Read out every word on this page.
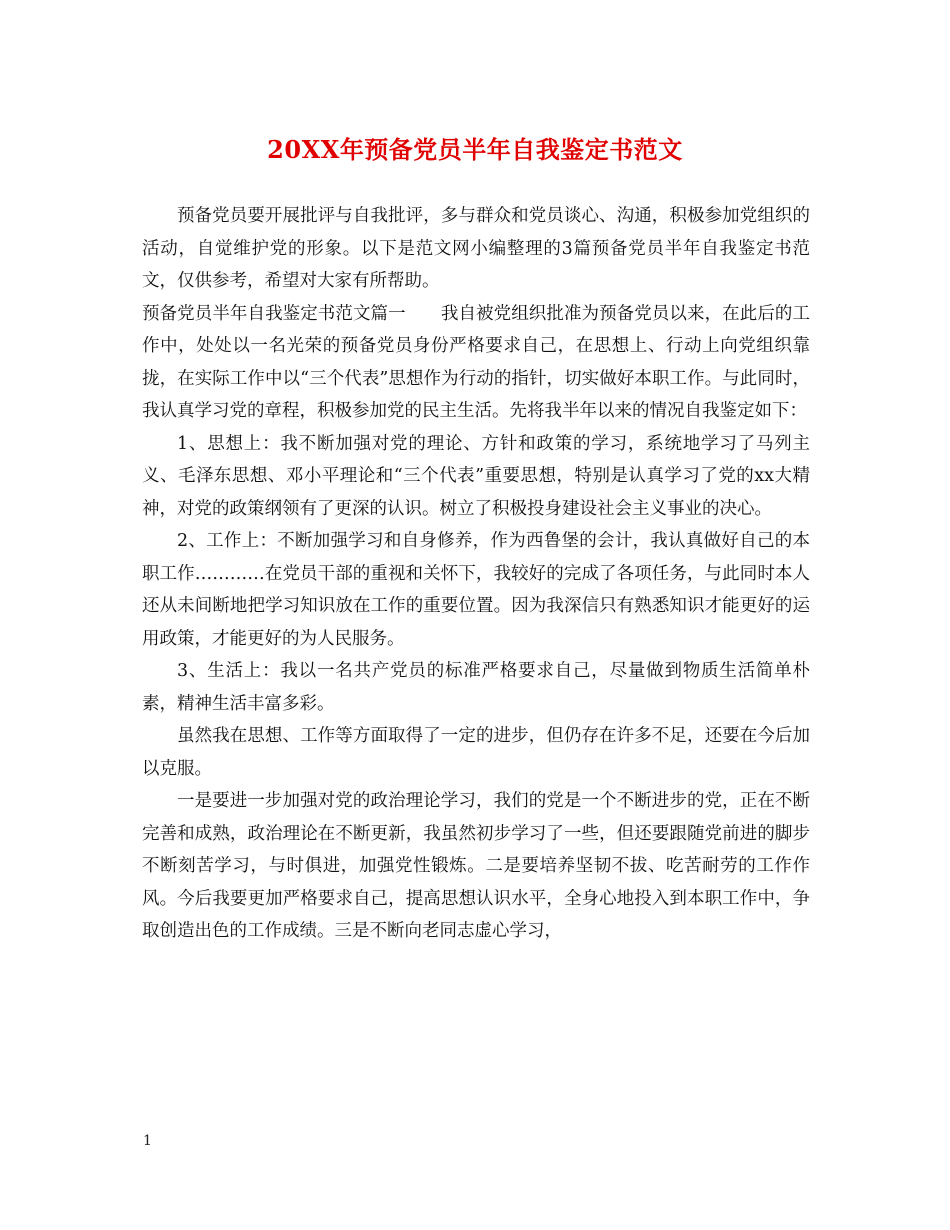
20XX年预备党员半年自我鉴定书范文

预备党员要开展批评与自我批评，多与群众和党员谈心、沟通，积极参加党组织的活动，自觉维护党的形象。以下是范文网小编整理的3篇预备党员半年自我鉴定书范文，仅供参考，希望对大家有所帮助。

预备党员半年自我鉴定书范文篇一　　我自被党组织批准为预备党员以来，在此后的工作中，处处以一名光荣的预备党员身份严格要求自己，在思想上、行动上向党组织靠拢，在实际工作中以“三个代表”思想作为行动的指针，切实做好本职工作。与此同时，我认真学习党的章程，积极参加党的民主生活。先将我半年以来的情况自我鉴定如下：

1、思想上：我不断加强对党的理论、方针和政策的学习，系统地学习了马列主义、毛泽东思想、邓小平理论和“三个代表”重要思想，特别是认真学习了党的xx大精神，对党的政策纲领有了更深的认识。树立了积极投身建设社会主义事业的决心。

2、工作上：不断加强学习和自身修养，作为西鲁堡的会计，我认真做好自己的本职工作…………在党员干部的重视和关怀下，我较好的完成了各项任务，与此同时本人还从未间断地把学习知识放在工作的重要位置。因为我深信只有熟悉知识才能更好的运用政策，才能更好的为人民服务。

3、生活上：我以一名共产党员的标准严格要求自己，尽量做到物质生活简单朴素，精神生活丰富多彩。

虽然我在思想、工作等方面取得了一定的进步，但仍存在许多不足，还要在今后加以克服。

一是要进一步加强对党的政治理论学习，我们的党是一个不断进步的党，正在不断完善和成熟，政治理论在不断更新，我虽然初步学习了一些，但还要跟随党前进的脚步不断刻苦学习，与时俱进，加强党性锻炼。二是要培养坚韧不拔、吃苦耐劳的工作作风。今后我要更加严格要求自己，提高思想认识水平，全身心地投入到本职工作中，争取创造出色的工作成绩。三是不断向老同志虚心学习，

1
